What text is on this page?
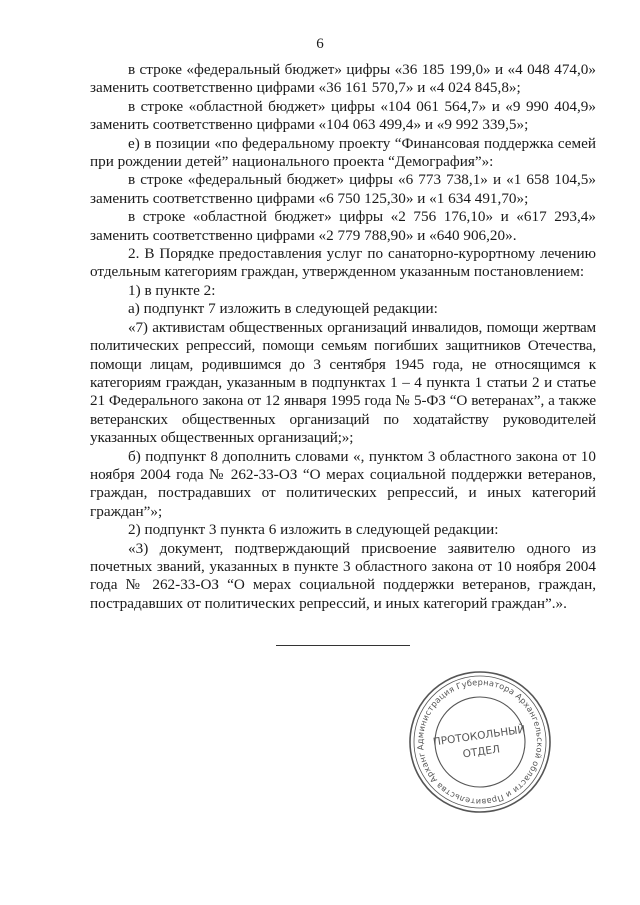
6

в строке «федеральный бюджет» цифры «36 185 199,0» и «4 048 474,0» заменить соответственно цифрами «36 161 570,7» и «4 024 845,8»;

в строке «областной бюджет» цифры «104 061 564,7» и «9 990 404,9» заменить соответственно цифрами «104 063 499,4» и «9 992 339,5»;

е) в позиции «по федеральному проекту “Финансовая поддержка семей при рождении детей” национального проекта “Демография”»:

в строке «федеральный бюджет» цифры «6 773 738,1» и «1 658 104,5» заменить соответственно цифрами «6 750 125,30» и «1 634 491,70»;

в строке «областной бюджет» цифры «2 756 176,10» и «617 293,4» заменить соответственно цифрами «2 779 788,90» и «640 906,20».

2. В Порядке предоставления услуг по санаторно-курортному лечению отдельным категориям граждан, утвержденном указанным постановлением:

1) в пункте 2:

а) подпункт 7 изложить в следующей редакции:

«7) активистам общественных организаций инвалидов, помощи жертвам политических репрессий, помощи семьям погибших защитников Отечества, помощи лицам, родившимся до 3 сентября 1945 года, не относящимся к категориям граждан, указанным в подпунктах 1 – 4 пункта 1 статьи 2 и статье 21 Федерального закона от 12 января 1995 года № 5-ФЗ “О ветеранах”, а также ветеранских общественных организаций по ходатайству руководителей указанных общественных организаций;»;

б) подпункт 8 дополнить словами «, пунктом 3 областного закона от 10 ноября 2004 года № 262-33-ОЗ “О мерах социальной поддержки ветеранов, граждан, пострадавших от политических репрессий, и иных категорий граждан”»;

2) подпункт 3 пункта 6 изложить в следующей редакции:

«3) документ, подтверждающий присвоение заявителю одного из почетных званий, указанных в пункте 3 областного закона от 10 ноября 2004 года № 262-33-ОЗ “О мерах социальной поддержки ветеранов, граждан, пострадавших от политических репрессий, и иных категорий граждан”.».

Администрация Губернатора Архангельской области и Правительства Архангельской
ПРОТОКОЛЬНЫЙ
ОТДЕЛ
